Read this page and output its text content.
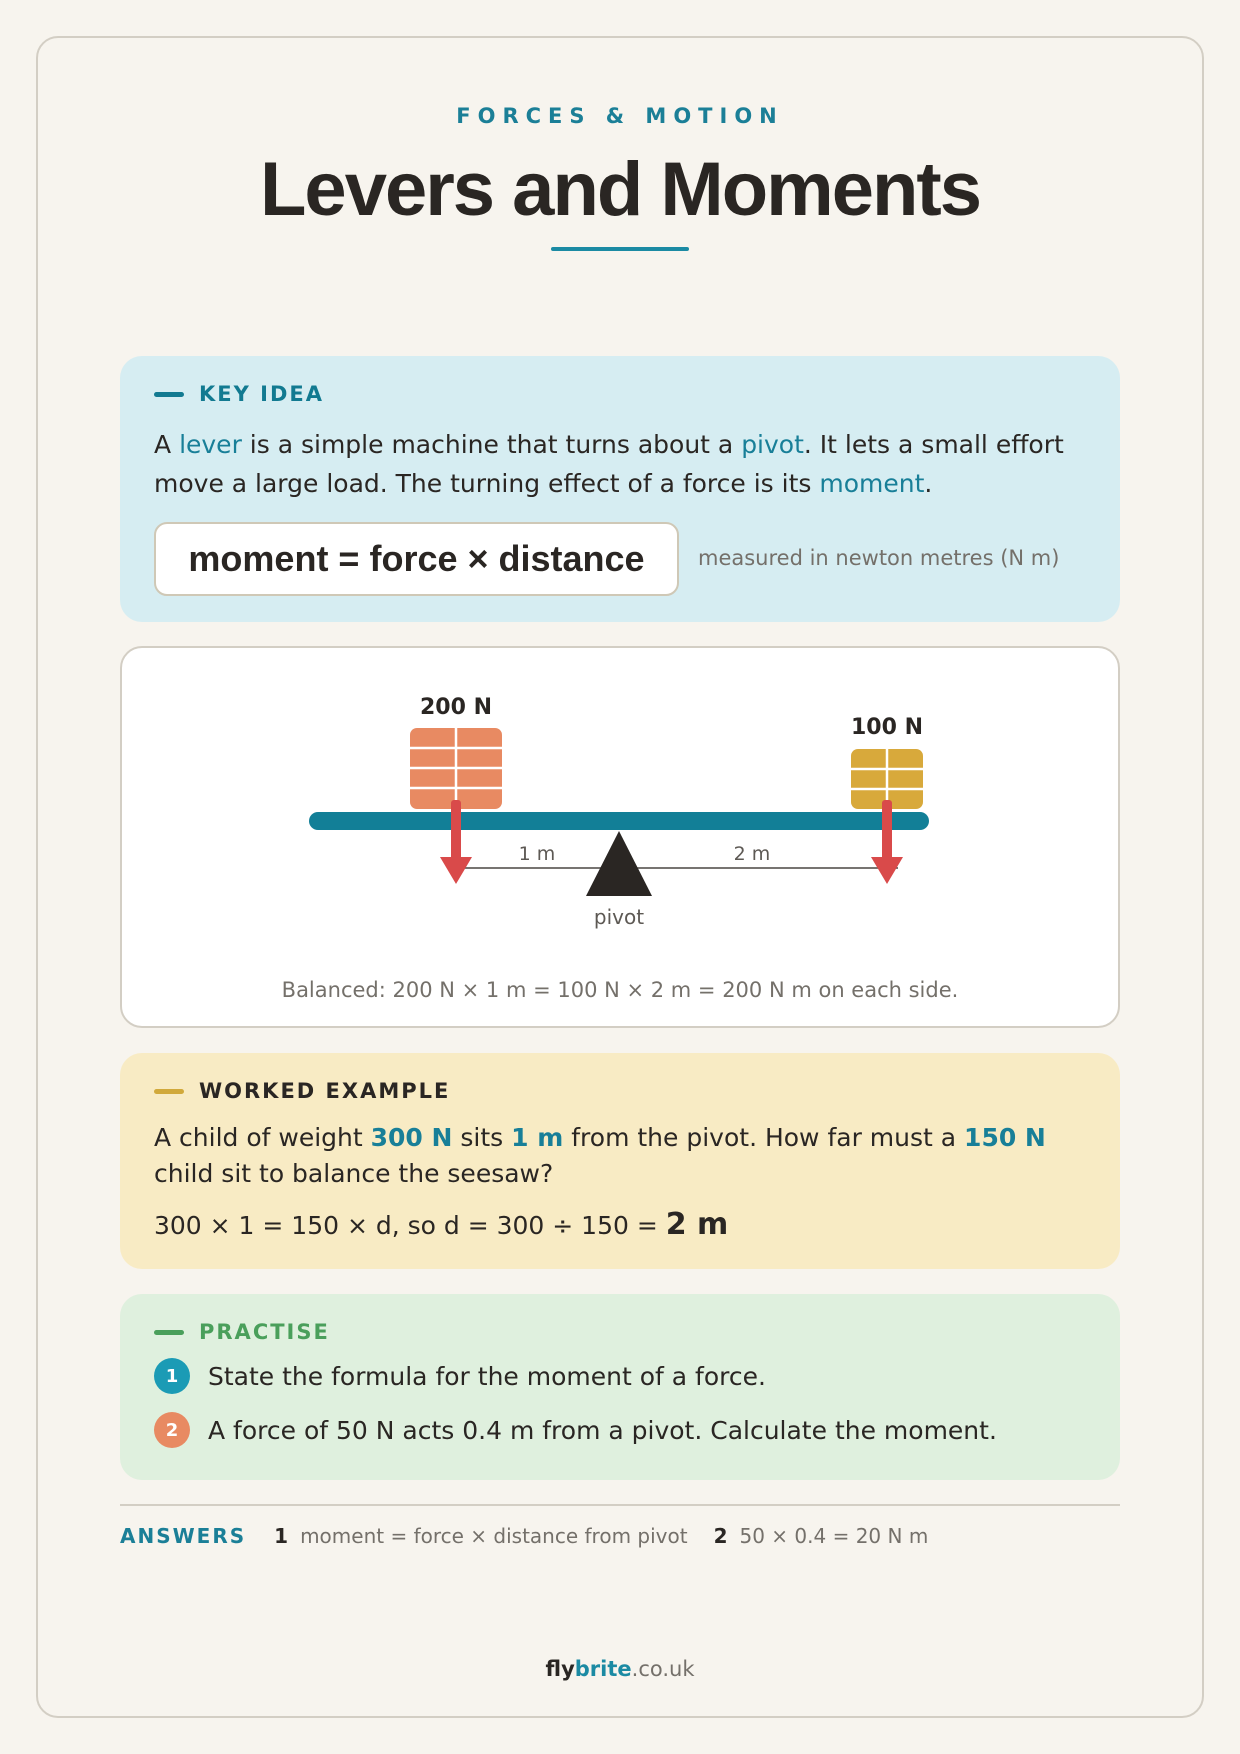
FORCES & MOTION
Levers and Moments
KEY IDEA

A lever is a simple machine that turns about a pivot. It lets a small effort move a large load. The turning effect of a force is its moment.

moment = force × distance	measured in newton metres (N m)
200 N
100 N
1 m	2 m
pivot
Balanced: 200 N × 1 m = 100 N × 2 m = 200 N m on each side.
WORKED EXAMPLE

A child of weight 300 N sits 1 m from the pivot. How far must a 150 N child sit to balance the seesaw?

300 × 1 = 150 × d, so d = 300 ÷ 150 = 2 m

PRACTISE
1	State the formula for the moment of a force.
2	A force of 50 N acts 0.4 m from a pivot. Calculate the moment.
ANSWERS 1 moment = force × distance from pivot 2 50 × 0.4 = 20 N m
flybrite.co.uk
